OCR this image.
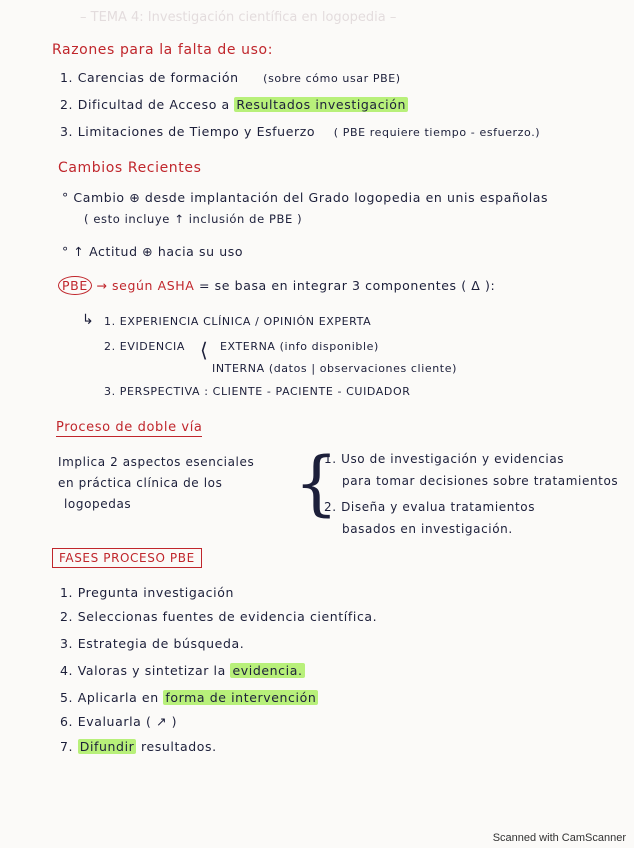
– TEMA 4: Investigación científica en logopedia –
Razones para la falta de uso:
1. Carencias de formación (sobre cómo usar PBE)
2. Dificultad de Acceso a Resultados investigación
3. Limitaciones de Tiempo y Esfuerzo ( PBE requiere tiempo - esfuerzo.)
Cambios Recientes
° Cambio ⊕ desde implantación del Grado logopedia en unis españolas
( esto incluye ↑ inclusión de PBE )
° ↑ Actitud ⊕ hacia su uso
PBE → según ASHA = se basa en integrar 3 componentes ( Δ ):
↳ 1. EXPERIENCIA CLÍNICA / OPINIÓN EXPERTA
2. EVIDENCIA ⟨ EXTERNA (info disponible)
INTERNA (datos | observaciones cliente)
3. PERSPECTIVA : CLIENTE - PACIENTE - CUIDADOR
Proceso de doble vía
Implica 2 aspectos esenciales
en práctica clínica de los
logopedas {
1. Uso de investigación y evidencias
para tomar decisiones sobre tratamientos
2. Diseña y evalua tratamientos
basados en investigación.
FASES PROCESO PBE
1. Pregunta investigación
2. Seleccionas fuentes de evidencia científica.
3. Estrategia de búsqueda.
4. Valoras y sintetizar la evidencia.
5. Aplicarla en forma de intervención
6. Evaluarla ( ↗ )
7. Difundir resultados.
Scanned with CamScanner
